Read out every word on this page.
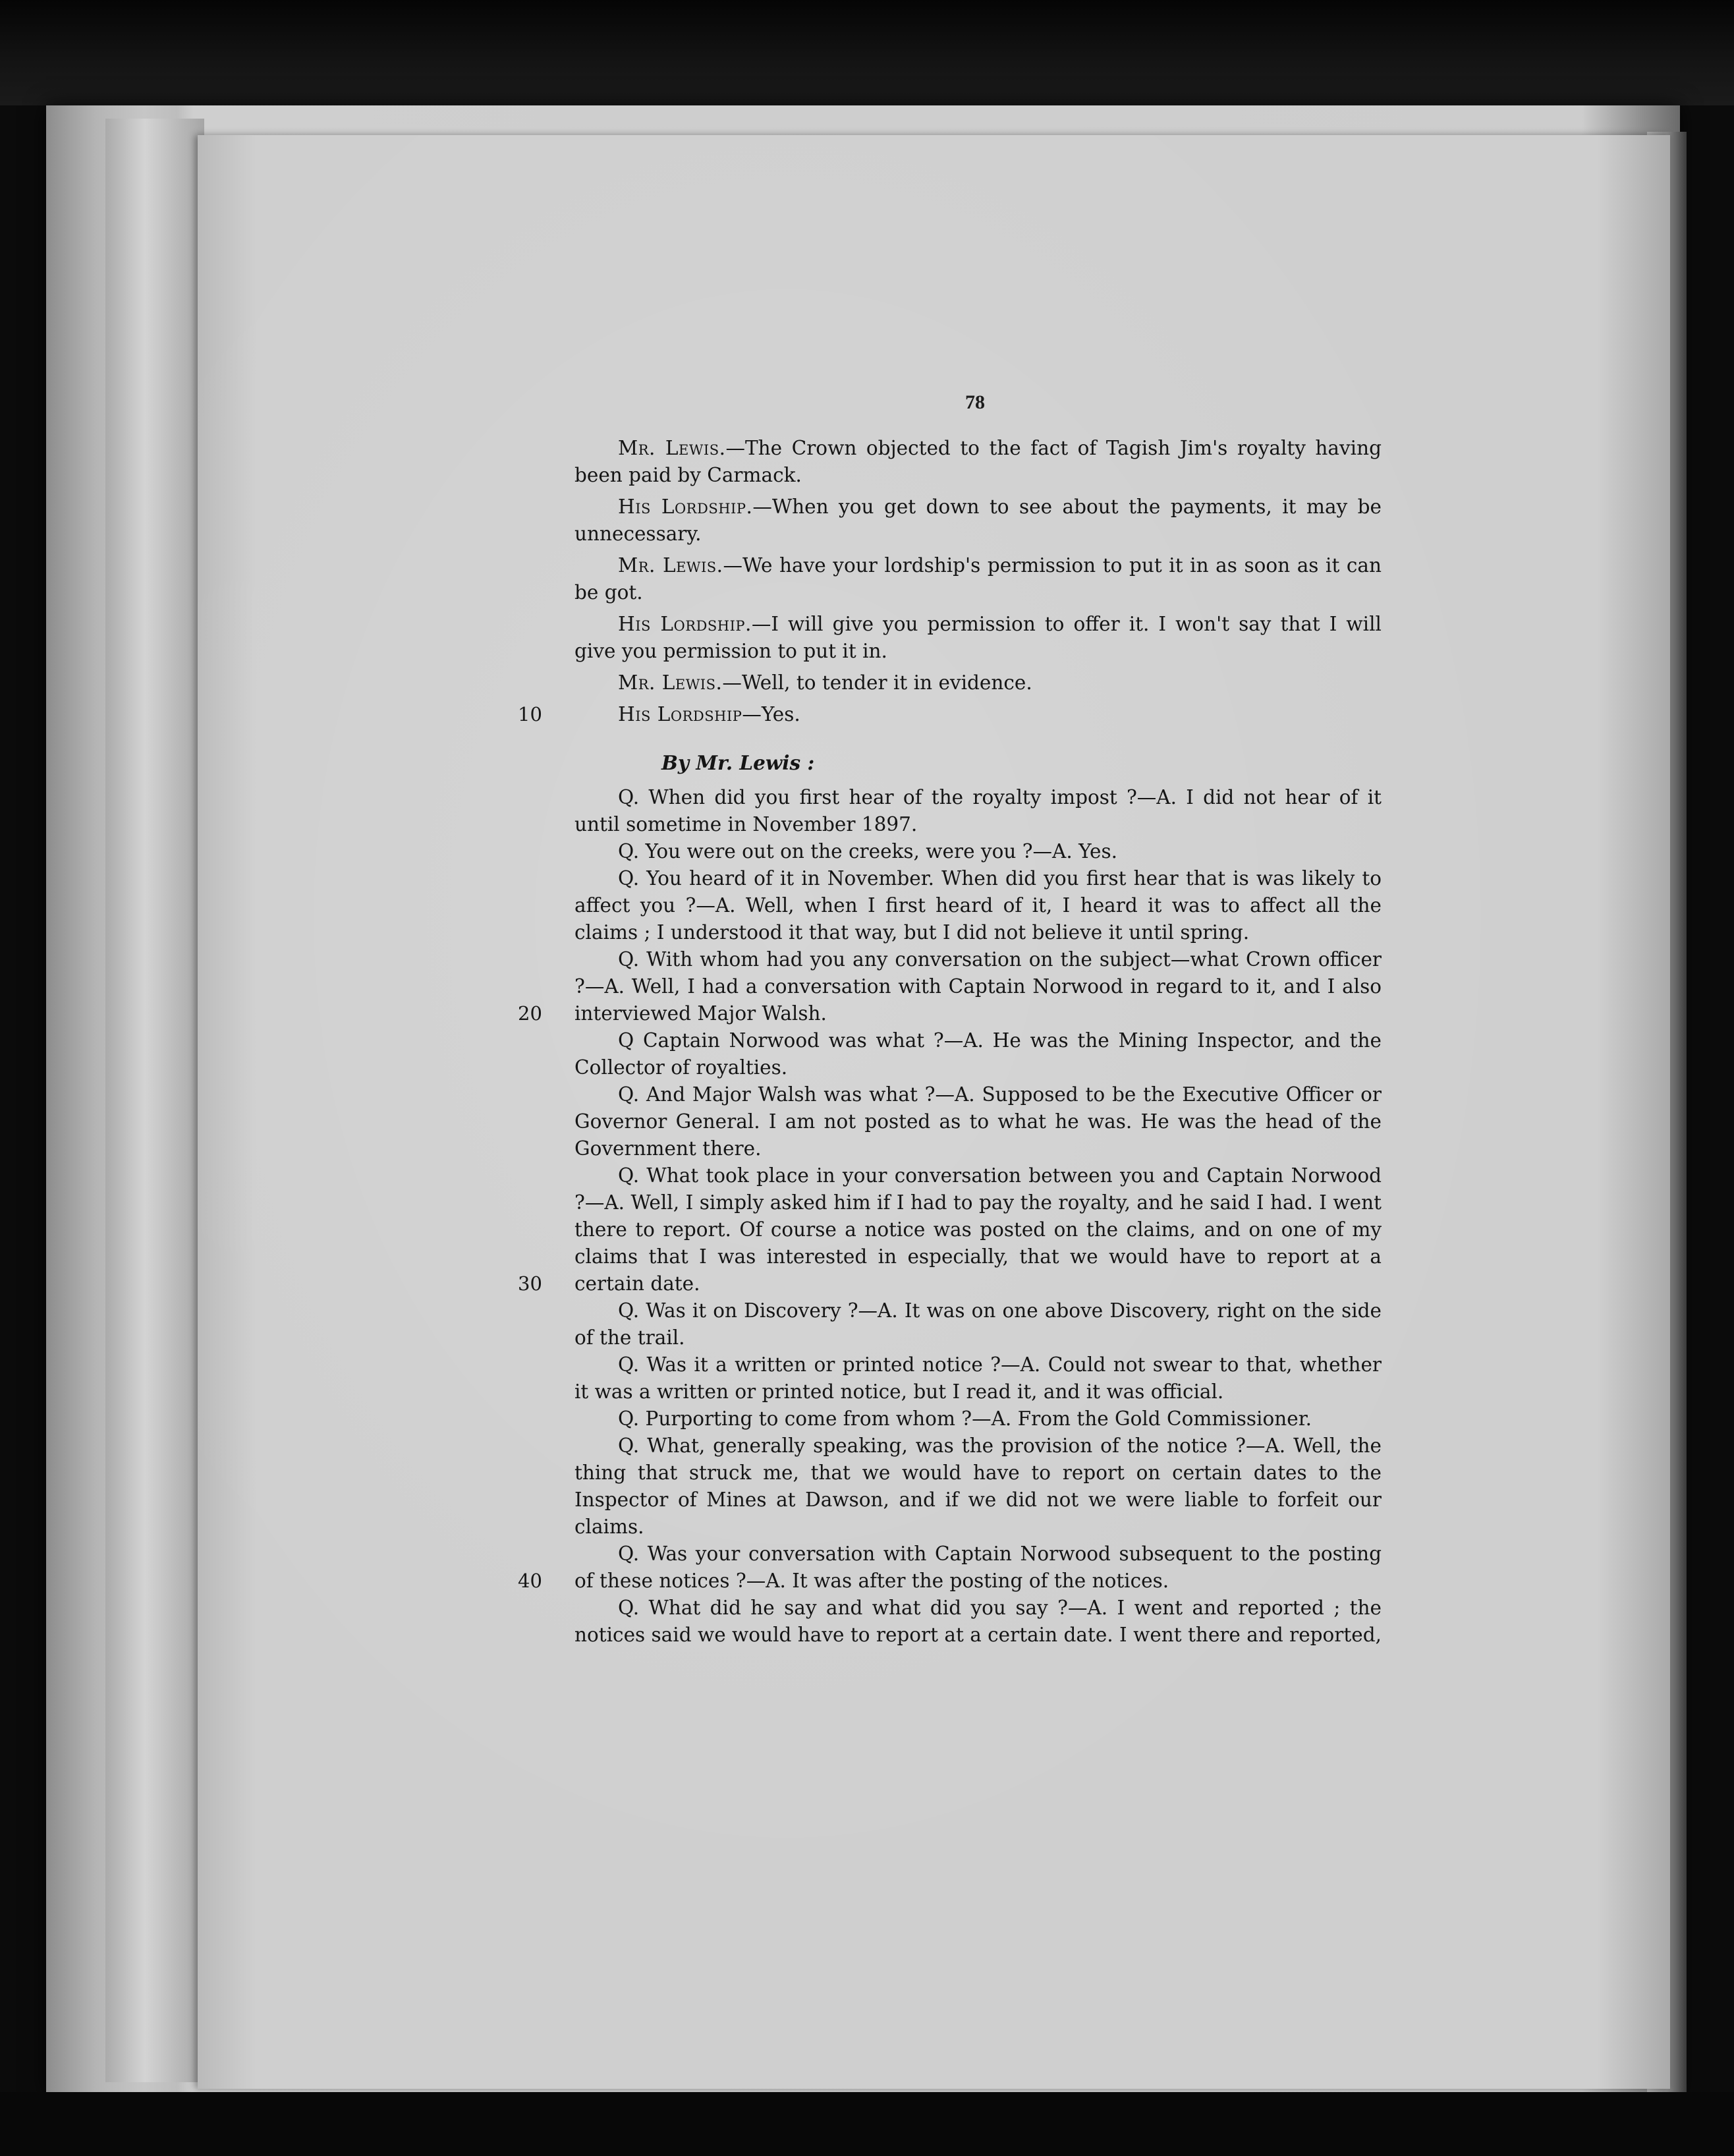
78

Mr. Lewis.—The Crown objected to the fact of Tagish Jim's royalty having been paid by Carmack.

His Lordship.—When you get down to see about the payments, it may be unnecessary.

Mr. Lewis.—We have your lordship's permission to put it in as soon as it can be got.

His Lordship.—I will give you permission to offer it. I won't say that I will give you permission to put it in.

Mr. Lewis.—Well, to tender it in evidence.

10	His Lordship—Yes.

By Mr. Lewis :

Q. When did you first hear of the royalty impost ?—A. I did not hear of it until sometime in November 1897.

Q. You were out on the creeks, were you ?—A. Yes.

Q. You heard of it in November. When did you first hear that is was likely to affect you ?—A. Well, when I first heard of it, I heard it was to affect all the claims ; I understood it that way, but I did not believe it until spring.

20
Q. With whom had you any conversation on the subject—what Crown officer ?—A. Well, I had a conversation with Captain Norwood in regard to it, and I also interviewed Major Walsh.

Q Captain Norwood was what ?—A. He was the Mining Inspector, and the Collector of royalties.

Q. And Major Walsh was what ?—A. Supposed to be the Executive Officer or Governor General. I am not posted as to what he was. He was the head of the Government there.

30
Q. What took place in your conversation between you and Captain Norwood ?—A. Well, I simply asked him if I had to pay the royalty, and he said I had. I went there to report. Of course a notice was posted on the claims, and on one of my claims that I was interested in especially, that we would have to report at a certain date.

Q. Was it on Discovery ?—A. It was on one above Discovery, right on the side of the trail.

Q. Was it a written or printed notice ?—A. Could not swear to that, whether it was a written or printed notice, but I read it, and it was official.

Q. Purporting to come from whom ?—A. From the Gold Commissioner.

Q. What, generally speaking, was the provision of the notice ?—A. Well, the thing that struck me, that we would have to report on certain dates to the Inspector of Mines at Dawson, and if we did not we were liable to forfeit our claims.

40
Q. Was your conversation with Captain Norwood subsequent to the posting of these notices ?—A. It was after the posting of the notices.

Q. What did he say and what did you say ?—A. I went and reported ; the notices said we would have to report at a certain date. I went there and reported,
